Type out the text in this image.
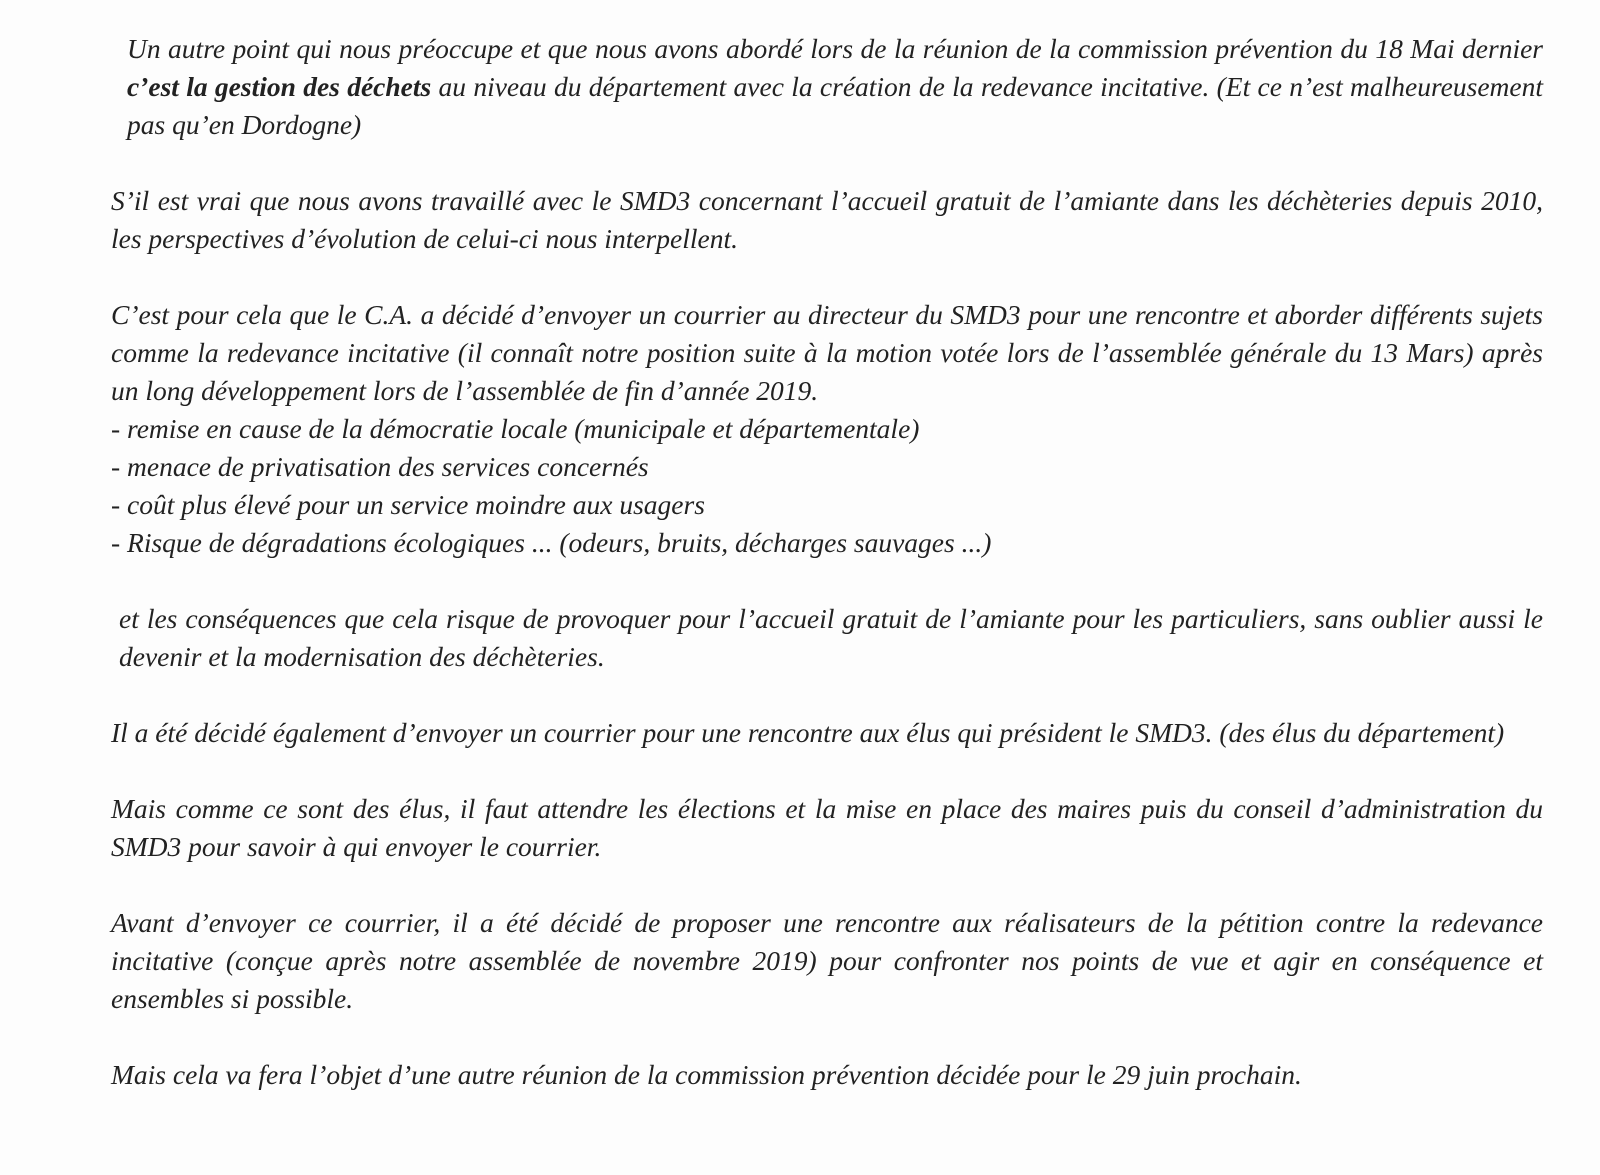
Un autre point qui nous préoccupe et que nous avons abordé lors de la réunion de la commission prévention du 18 Mai dernier c’est la gestion des déchets au niveau du département avec la création de la redevance incitative. (Et ce n’est malheureusement pas qu’en Dordogne)

S’il est vrai que nous avons travaillé avec le SMD3 concernant l’accueil gratuit de l’amiante dans les déchèteries depuis 2010, les perspectives d’évolution de celui-ci nous interpellent.

C’est pour cela que le C.A. a décidé d’envoyer un courrier au directeur du SMD3 pour une rencontre et aborder différents sujets comme la redevance incitative (il connaît notre position suite à la motion votée lors de l’assemblée générale du 13 Mars) après un long développement lors de l’assemblée de fin d’année 2019.

- remise en cause de la démocratie locale (municipale et départementale)
- menace de privatisation des services concernés
- coût plus élevé pour un service moindre aux usagers
- Risque de dégradations écologiques ... (odeurs, bruits, décharges sauvages ...)

et les conséquences que cela risque de provoquer pour l’accueil gratuit de l’amiante pour les particuliers, sans oublier aussi le devenir et la modernisation des déchèteries.

Il a été décidé également d’envoyer un courrier pour une rencontre aux élus qui président le SMD3. (des élus du département)

Mais comme ce sont des élus, il faut attendre les élections et la mise en place des maires puis du conseil d’administration du SMD3 pour savoir à qui envoyer le courrier.

Avant d’envoyer ce courrier, il a été décidé de proposer une rencontre aux réalisateurs de la pétition contre la redevance incitative (conçue après notre assemblée de novembre 2019) pour confronter nos points de vue et agir en conséquence et ensembles si possible.

Mais cela va fera l’objet d’une autre réunion de la commission prévention décidée pour le 29 juin prochain.
